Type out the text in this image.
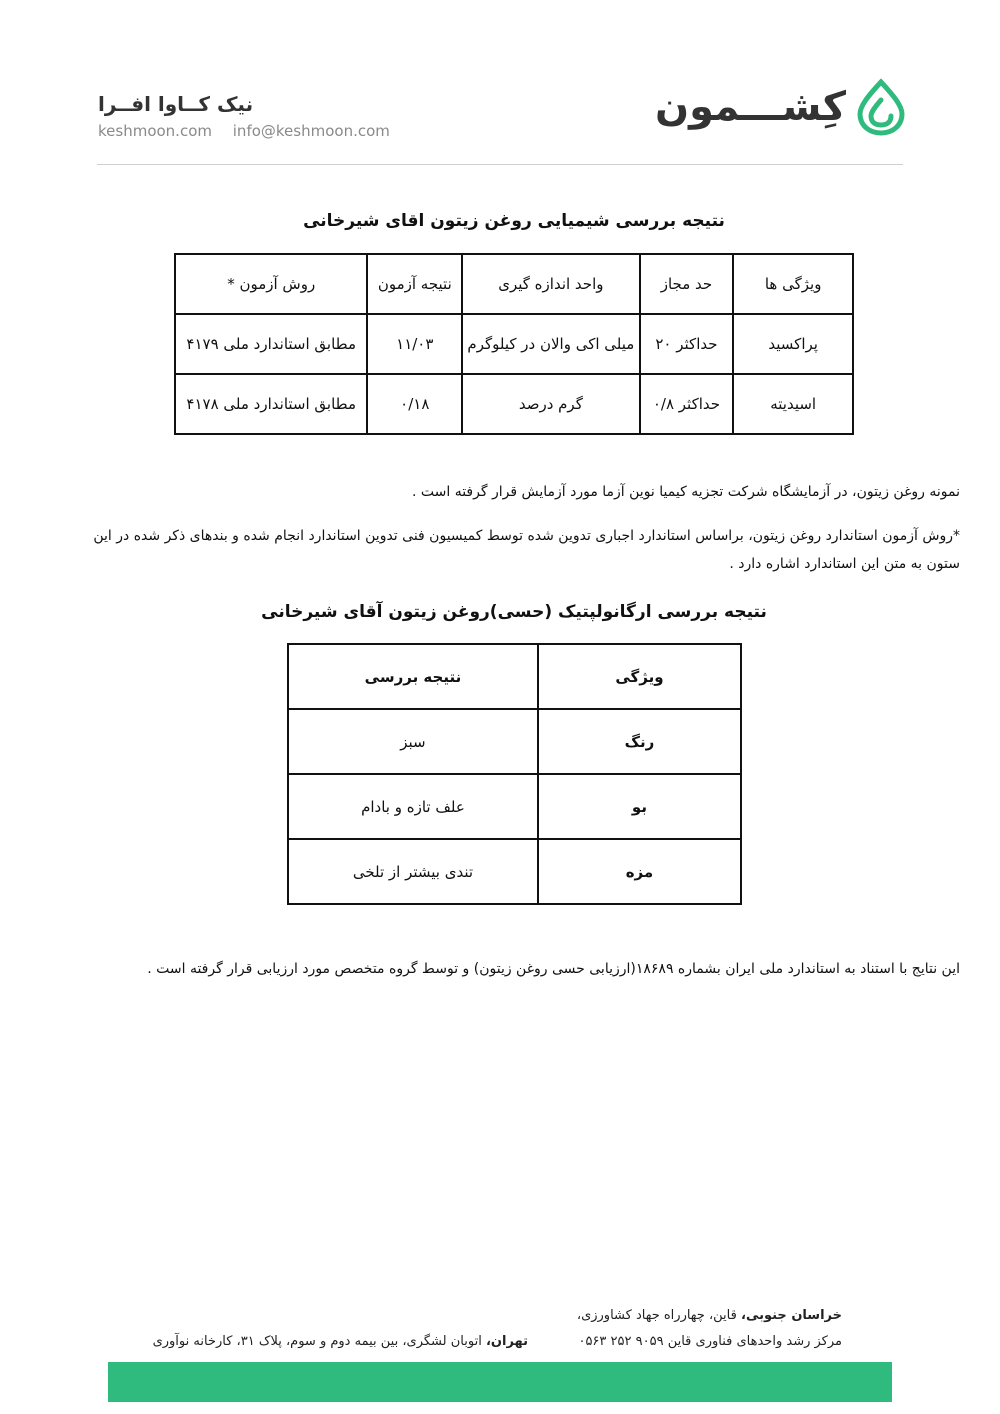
کِشـــمون
نیک کــاوا افــرا
keshmoon.com info@keshmoon.com
نتیجه بررسی شیمیایی روغن زیتون اقای شیرخانی
ویژگی ها	حد مجاز	واحد اندازه گیری	نتیجه آزمون	روش آزمون *
پراکسید	حداکثر ۲۰	میلی اکی والان در کیلوگرم	۱۱/۰۳	مطابق استاندارد ملی ۴۱۷۹
اسیدیته	حداکثر ۰/۸	گرم درصد	۰/۱۸	مطابق استاندارد ملی ۴۱۷۸
نمونه روغن زیتون، در آزمایشگاه شرکت تجزیه کیمیا نوین آزما مورد آزمایش قرار گرفته است .
*روش آزمون استاندارد روغن زیتون، براساس استاندارد اجباری تدوین شده توسط کمیسیون فنی تدوین استاندارد انجام شده و بندهای ذکر شده در این ستون به متن این استاندارد اشاره دارد .
نتیجه بررسی ارگانولپتیک (حسی)روغن زیتون آقای شیرخانی
ویژگی	نتیجه بررسی
رنگ	سبز
بو	علف تازه و بادام
مزه	تندی بیشتر از تلخی
این نتایج با استناد به استاندارد ملی ایران بشماره ۱۸۶۸۹(ارزیابی حسی روغن زیتون) و توسط گروه متخصص مورد ارزیابی قرار گرفته است .
خراسان جنوبی، قاین، چهارراه جهاد کشاورزی،
مرکز رشد واحدهای فناوری قاین ۹۰۵۹ ۲۵۲ ۰۵۶۳
تهران، اتوبان لشگری، بین بیمه دوم و سوم، پلاک ۳۱، کارخانه نوآوری
